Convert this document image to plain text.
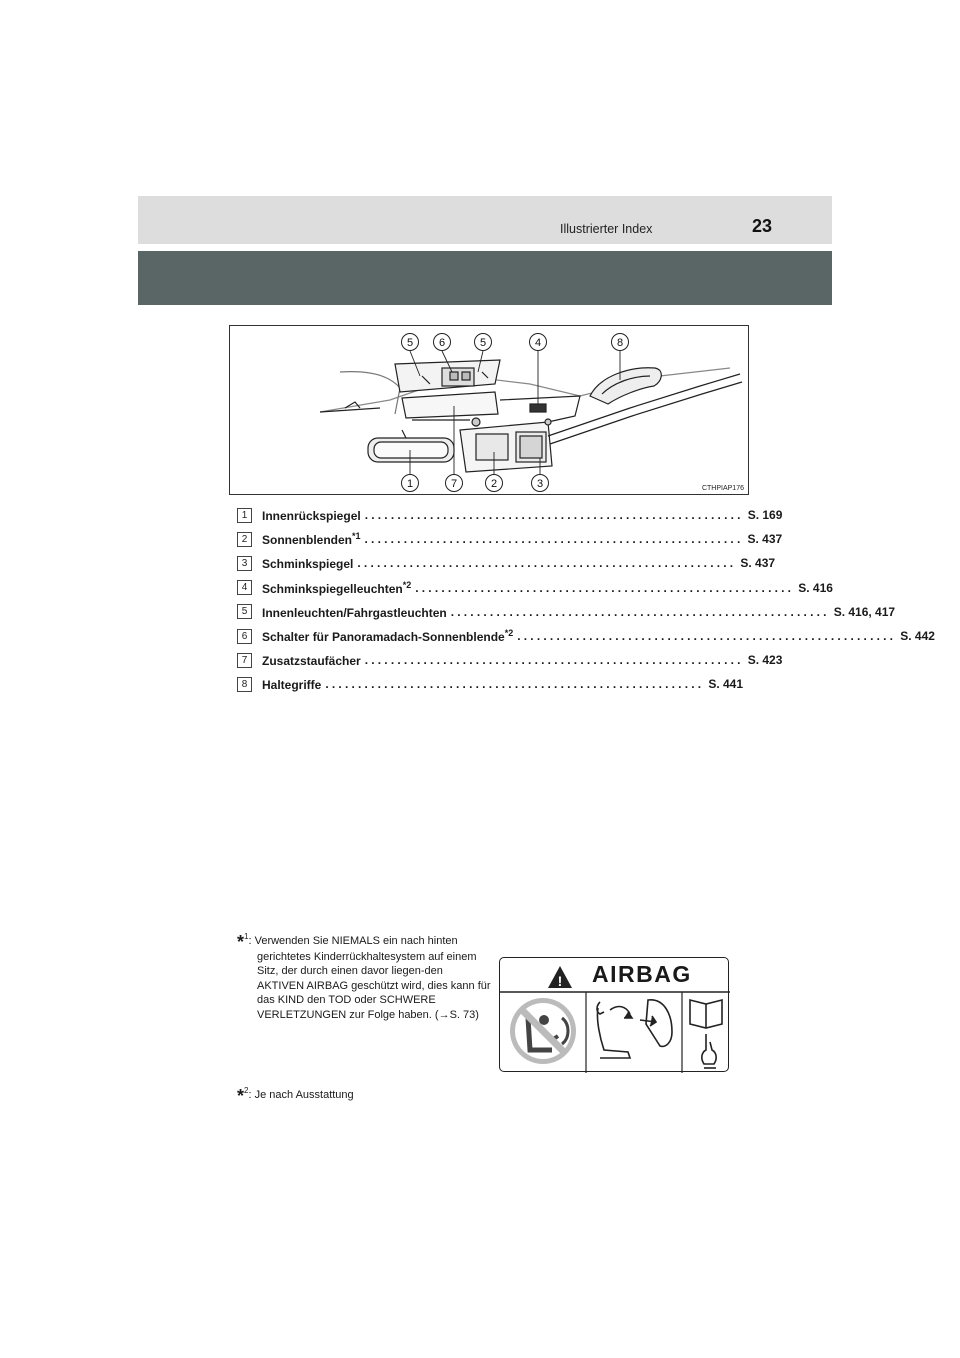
Illustrierter Index	23
5 6	5	4	8
1	7	2	3	CTHPIAP176
1	Innenrückspiegel .......................................................... S. 169
2	Sonnenblenden$^{*1}$ .......................................................... S. 437
3	Schminkspiegel .......................................................... S. 437
4	Schminkspiegelleuchten$^{*2}$ .......................................................... S. 416
5	Innenleuchten/Fahrgastleuchten .......................................................... S. 416, 417
6	Schalter für Panoramadach-Sonnenblende$^{*2}$ .......................................................... S. 442
7	Zusatzstaufächer .......................................................... S. 423
8	Haltegriffe .......................................................... S. 441
*$^1$: Verwenden Sie NIEMALS ein nach hinten
gerichtetes Kinderrückhaltesystem auf einem Sitz, der durch einen davor liegen-den AKTIVEN AIRBAG geschützt wird, dies kann für das KIND den TOD oder SCHWERE VERLETZUNGEN zur Folge haben. (→S. 73)
*$^2$: Je nach Ausstattung
! AIRBAG
